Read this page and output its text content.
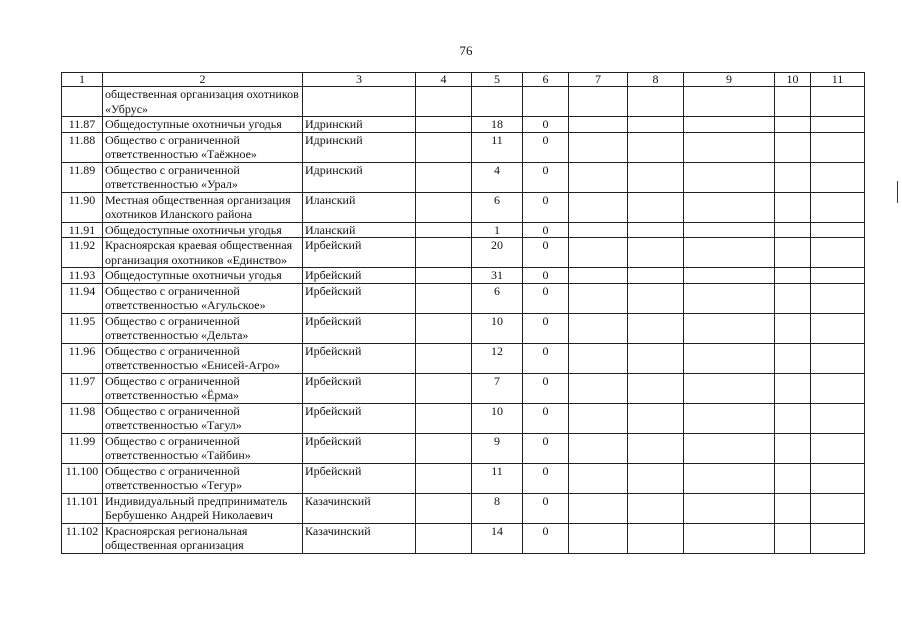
76
1	2	3	4	5	6	7	8	9	10	11
	общественная организация охотников «Убрус»									
11.87	Общедоступные охотничьи угодья	Идринский		18	0					
11.88	Общество с ограниченной ответственностью «Таёжное»	Идринский		11	0					
11.89	Общество с ограниченной ответственностью «Урал»	Идринский		4	0					
11.90	Местная общественная организация охотников Иланского района	Иланский		6	0					
11.91	Общедоступные охотничьи угодья	Иланский		1	0					
11.92	Красноярская краевая общественная организация охотников «Единство»	Ирбейский		20	0					
11.93	Общедоступные охотничьи угодья	Ирбейский		31	0					
11.94	Общество с ограниченной ответственностью «Агульское»	Ирбейский		6	0					
11.95	Общество с ограниченной ответственностью «Дельта»	Ирбейский		10	0					
11.96	Общество с ограниченной ответственностью «Енисей-Агро»	Ирбейский		12	0					
11.97	Общество с ограниченной ответственностью «Ёрма»	Ирбейский		7	0					
11.98	Общество с ограниченной ответственностью «Тагул»	Ирбейский		10	0					
11.99	Общество с ограниченной ответственностью «Тайбин»	Ирбейский		9	0					
11.100	Общество с ограниченной ответственностью «Тегур»	Ирбейский		11	0					
11.101	Индивидуальный предприниматель Бербушенко Андрей Николаевич	Казачинский		8	0					
11.102	Красноярская региональная общественная организация	Казачинский		14	0					
